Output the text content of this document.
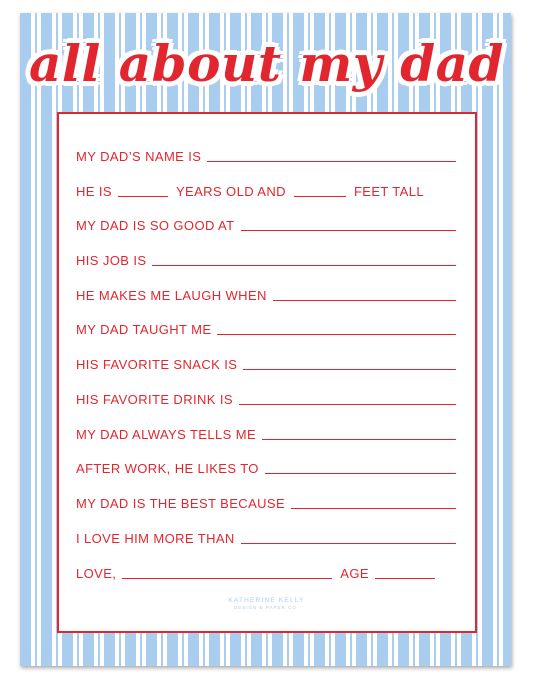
all about my dad
MY DAD’S NAME IS
HE IS	YEARS OLD AND	FEET TALL
MY DAD IS SO GOOD AT
HIS JOB IS
HE MAKES ME LAUGH WHEN
MY DAD TAUGHT ME
HIS FAVORITE SNACK IS
HIS FAVORITE DRINK IS
MY DAD ALWAYS TELLS ME
AFTER WORK, HE LIKES TO
MY DAD IS THE BEST BECAUSE
I LOVE HIM MORE THAN
LOVE,	AGE
KATHERINE KELLY
DESIGN & PAPER CO.
